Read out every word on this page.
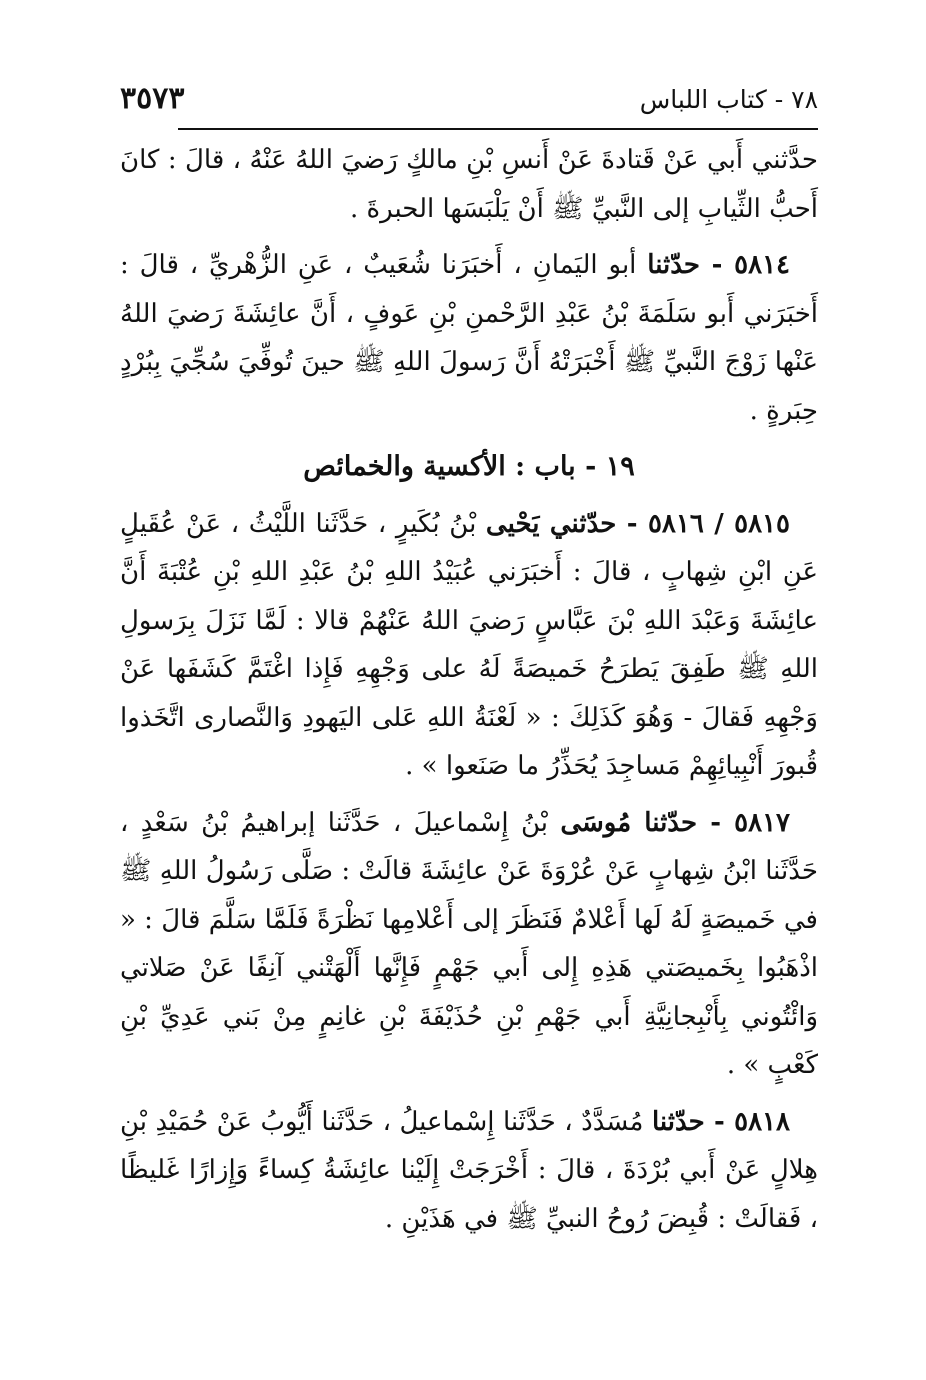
٧٨ - كتاب اللباس
٣٥٧٣

حدَّثني أَبي عَنْ قَتادةَ عَنْ أَنسِ بْنِ مالكٍ رَضيَ اللهُ عَنْهُ ، قالَ : كانَ أَحبُّ الثِّيابِ إلى النَّبيِّ ﷺ أَنْ يَلْبَسَها الحبرةَ .

٥٨١٤ - حدّثنا أبو اليَمانِ ، أَخبَرَنا شُعَيبٌ ، عَنِ الزُّهْريِّ ، قالَ : أَخبَرَني أَبو سَلَمَةَ بْنُ عَبْدِ الرَّحْمنِ بْنِ عَوفٍ ، أَنَّ عائِشَةَ رَضيَ اللهُ عَنْها زَوْجَ النَّبيِّ ﷺ أَخْبَرَتْهُ أَنَّ رَسولَ اللهِ ﷺ حينَ تُوفِّيَ سُجِّيَ بِبُرْدٍ حِبَرةٍ .

١٩ - باب : الأكسية والخمائص

٥٨١٥ / ٥٨١٦ - حدّثني يَحْيى بْنُ بُكَيرٍ ، حَدَّثَنا اللَّيْثُ ، عَنْ عُقَيلٍ عَنِ ابْنِ شِهابٍ ، قالَ : أَخبَرَني عُبَيْدُ اللهِ بْنُ عَبْدِ اللهِ بْنِ عُتْبَةَ أَنَّ عائِشَةَ وَعَبْدَ اللهِ بْنَ عَبَّاسٍ رَضيَ اللهُ عَنْهُمْ قالا : لَمَّا نَزَلَ بِرَسولِ اللهِ ﷺ طَفِقَ يَطرَحُ خَميصَةً لَهُ على وَجْهِهِ فَإِذا اغْتَمَّ كَشَفَها عَنْ وَجْهِهِ فَقالَ - وَهُوَ كَذَلِكَ : « لَعْنَةُ اللهِ عَلى اليَهودِ وَالنَّصارى اتَّخَذوا قُبورَ أَنْبِيائِهِمْ مَساجِدَ يُحَذِّرُ ما صَنَعوا » .

٥٨١٧ - حدّثنا مُوسَى بْنُ إِسْماعيلَ ، حَدَّثَنا إبراهيمُ بْنُ سَعْدٍ ، حَدَّثَنا ابْنُ شِهابٍ عَنْ عُرْوَةَ عَنْ عائِشَةَ قالَتْ : صَلَّى رَسُولُ اللهِ ﷺ في خَميصَةٍ لَهُ لَها أَعْلامٌ فَنَظَرَ إلى أَعْلامِها نَظْرَةً فَلَمَّا سَلَّمَ قالَ : « اذْهَبُوا بِخَميصَتي هَذِهِ إِلى أَبي جَهْمٍ فَإِنَّها أَلْهَتْني آنِفًا عَنْ صَلاتي وَائْتُوني بِأَنْبِجانِيَّةِ أَبي جَهْمِ بْنِ حُذَيْفَةَ بْنِ غانِمٍ مِنْ بَني عَدِيِّ بْنِ كَعْبٍ » .

٥٨١٨ - حدّثنا مُسَدَّدٌ ، حَدَّثَنا إِسْماعيلُ ، حَدَّثَنا أَيُّوبُ عَنْ حُمَيْدِ بْنِ هِلالٍ عَنْ أَبي بُرْدَةَ ، قالَ : أَخْرَجَتْ إِلَيْنا عائِشَةُ كِساءً وَإِزارًا غَليظًا ، فَقالَتْ : قُبِضَ رُوحُ النبيِّ ﷺ في هَذَيْنِ .
